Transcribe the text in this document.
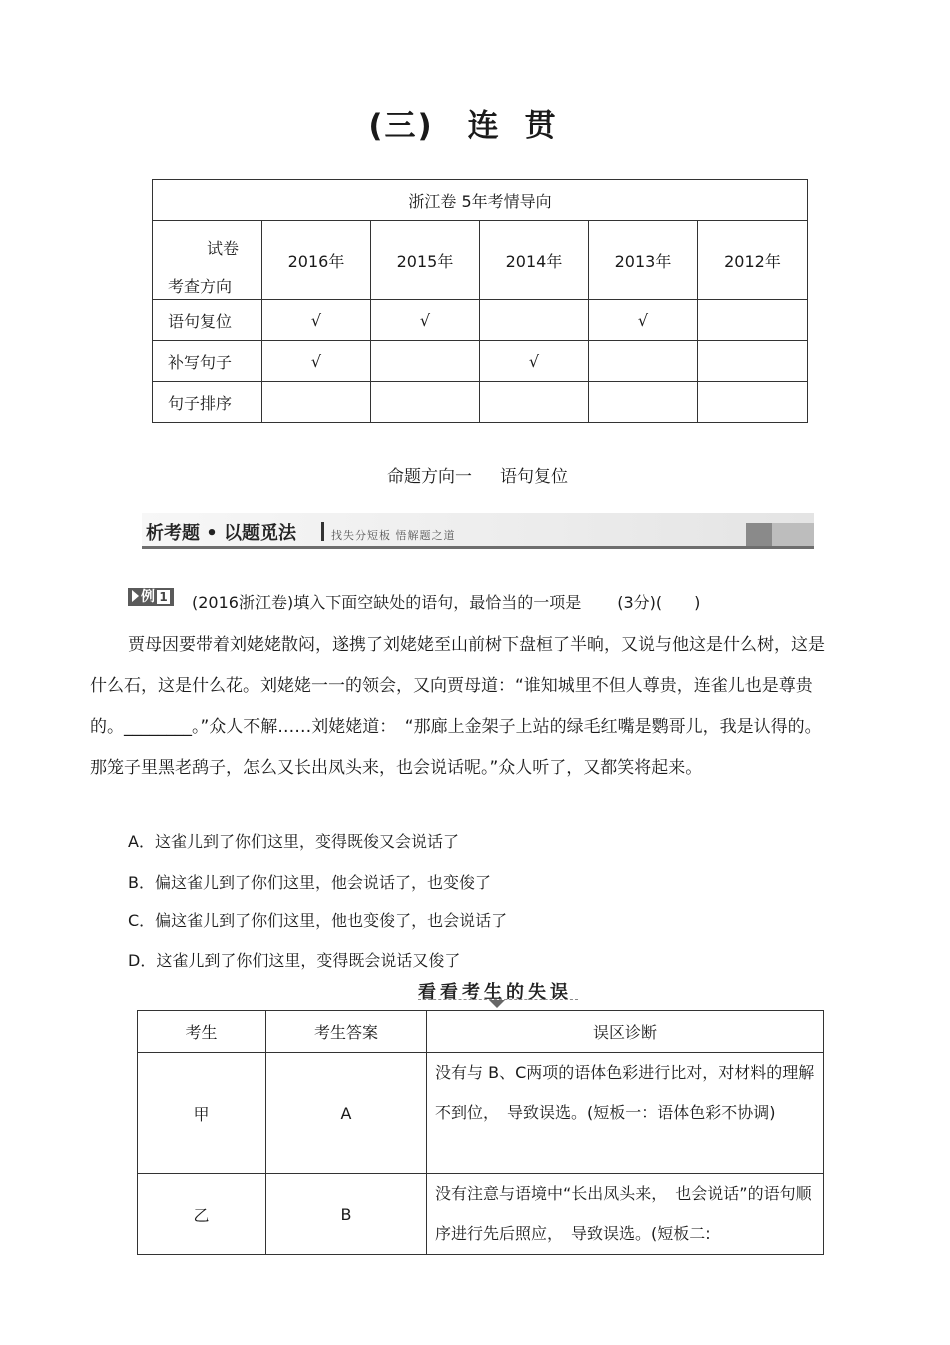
(三) 连贯
浙江卷 5年考情导向					

试卷
考查方向	2016年	2015年	2014年	2013年	2012年
语句复位	√	√		√	
补写句子	√		√		
句子排序					
命题方向一 语句复位
析考题 • 以题觅法	找失分短板 悟解题之道
例 1	(2016浙江卷)填入下面空缺处的语句，最恰当的一项是 (3分)(　　)
贾母因要带着刘姥姥散闷，遂携了刘姥姥至山前树下盘桓了半晌，又说与他这是什么树，这是什么石，这是什么花。刘姥姥一一的领会，又向贾母道：“谁知城里不但人尊贵，连雀儿也是尊贵的。________。”众人不解……刘姥姥道：　“那廊上金架子上站的绿毛红嘴是鹦哥儿，我是认得的。那笼子里黑老鸹子，怎么又长出凤头来，也会说话呢。”众人听了，又都笑将起来。
A．这雀儿到了你们这里，变得既俊又会说话了
B．偏这雀儿到了你们这里，他会说话了，也变俊了
C．偏这雀儿到了你们这里，他也变俊了，也会说话了
D．这雀儿到了你们这里，变得既会说话又俊了
看看考生的失误
考生	考生答案	误区诊断
甲	A	没有与 B、C两项的语体色彩进行比对，对材料的理解不到位，　导致误选。(短板一：语体色彩不协调)
乙	B	没有注意与语境中“长出凤头来，　也会说话”的语句顺序进行先后照应，　导致误选。(短板二:
